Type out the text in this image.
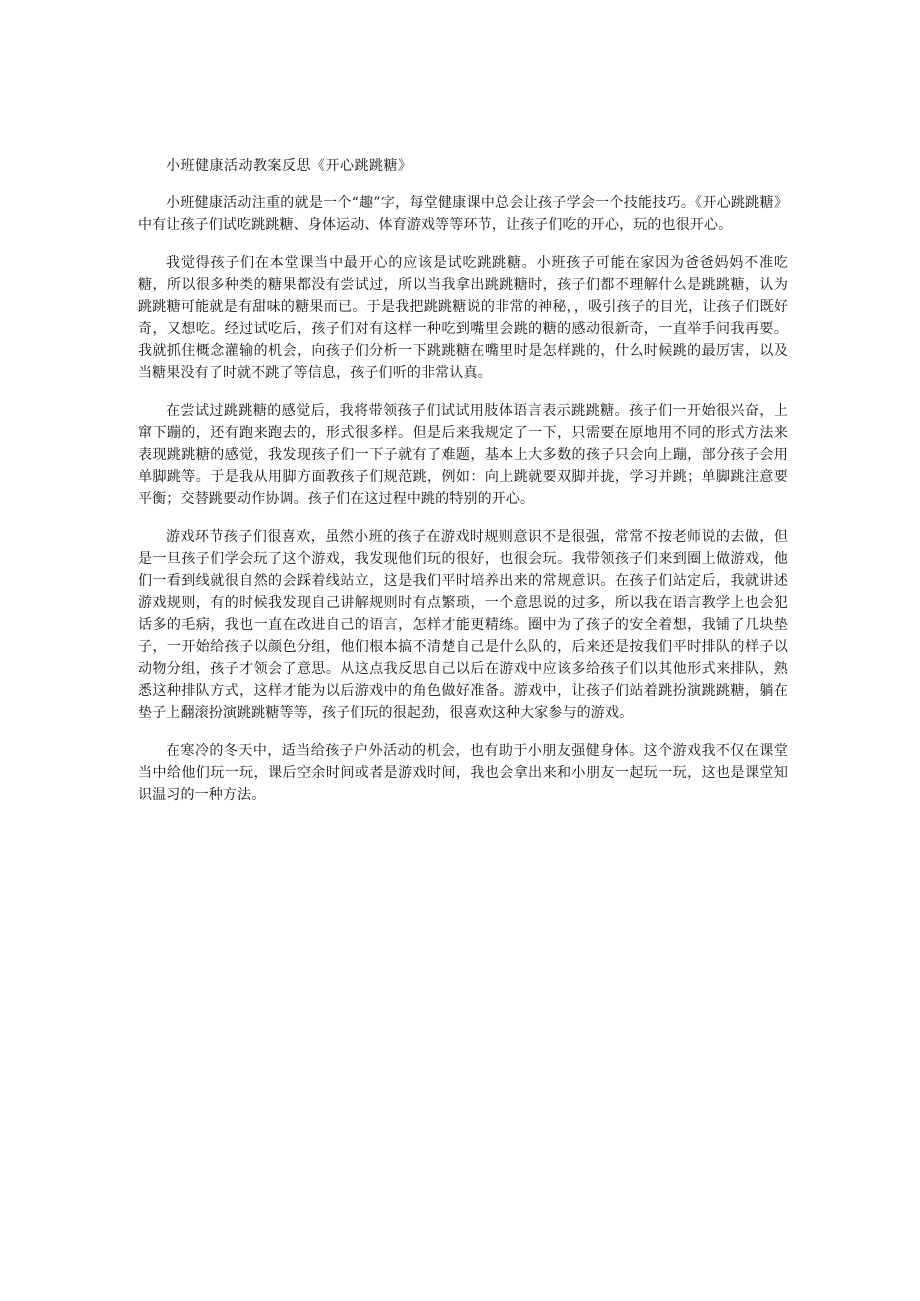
小班健康活动教案反思《开心跳跳糖》

小班健康活动注重的就是一个“趣”字，每堂健康课中总会让孩子学会一个技能技巧。《开心跳跳糖》中有让孩子们试吃跳跳糖、身体运动、体育游戏等等环节，让孩子们吃的开心，玩的也很开心。

我觉得孩子们在本堂课当中最开心的应该是试吃跳跳糖。小班孩子可能在家因为爸爸妈妈不准吃糖，所以很多种类的糖果都没有尝试过，所以当我拿出跳跳糖时，孩子们都不理解什么是跳跳糖，认为跳跳糖可能就是有甜味的糖果而已。于是我把跳跳糖说的非常的神秘，，吸引孩子的目光，让孩子们既好奇，又想吃。经过试吃后，孩子们对有这样一种吃到嘴里会跳的糖的感动很新奇，一直举手问我再要。我就抓住概念灌输的机会，向孩子们分析一下跳跳糖在嘴里时是怎样跳的，什么时候跳的最厉害，以及当糖果没有了时就不跳了等信息，孩子们听的非常认真。

在尝试过跳跳糖的感觉后，我将带领孩子们试试用肢体语言表示跳跳糖。孩子们一开始很兴奋，上窜下蹦的，还有跑来跑去的，形式很多样。但是后来我规定了一下，只需要在原地用不同的形式方法来表现跳跳糖的感觉，我发现孩子们一下子就有了难题，基本上大多数的孩子只会向上蹦，部分孩子会用单脚跳等。于是我从用脚方面教孩子们规范跳，例如：向上跳就要双脚并拢，学习并跳；单脚跳注意要平衡；交替跳要动作协调。孩子们在这过程中跳的特别的开心。

游戏环节孩子们很喜欢，虽然小班的孩子在游戏时规则意识不是很强，常常不按老师说的去做，但是一旦孩子们学会玩了这个游戏，我发现他们玩的很好，也很会玩。我带领孩子们来到圈上做游戏，他们一看到线就很自然的会踩着线站立，这是我们平时培养出来的常规意识。在孩子们站定后，我就讲述游戏规则，有的时候我发现自己讲解规则时有点繁琐，一个意思说的过多，所以我在语言教学上也会犯话多的毛病，我也一直在改进自己的语言，怎样才能更精练。圈中为了孩子的安全着想，我铺了几块垫子，一开始给孩子以颜色分组，他们根本搞不清楚自己是什么队的，后来还是按我们平时排队的样子以动物分组，孩子才领会了意思。从这点我反思自己以后在游戏中应该多给孩子们以其他形式来排队，熟悉这种排队方式，这样才能为以后游戏中的角色做好准备。游戏中，让孩子们站着跳扮演跳跳糖，躺在垫子上翻滚扮演跳跳糖等等，孩子们玩的很起劲，很喜欢这种大家参与的游戏。

在寒冷的冬天中，适当给孩子户外活动的机会，也有助于小朋友强健身体。这个游戏我不仅在课堂当中给他们玩一玩，课后空余时间或者是游戏时间，我也会拿出来和小朋友一起玩一玩，这也是课堂知识温习的一种方法。
